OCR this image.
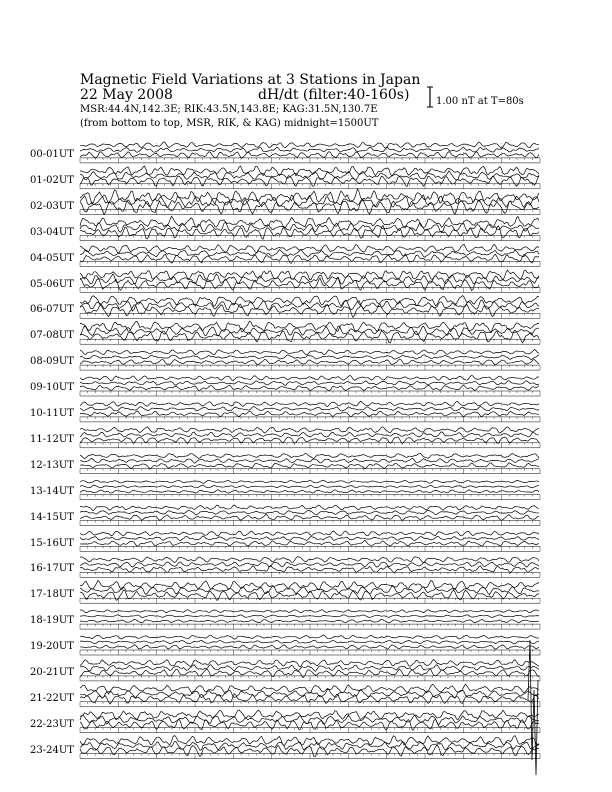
Magnetic Field Variations at 3 Stations in Japan
22 May 2008	dH/dt (filter:40-160s)
MSR:44.4N,142.3E; RIK:43.5N,143.8E; KAG:31.5N,130.7E
(from bottom to top, MSR, RIK, & KAG) midnight=1500UT
1.00 nT at T=80s
00-01UT
01-02UT
02-03UT
03-04UT
04-05UT
05-06UT
06-07UT
07-08UT
08-09UT
09-10UT
10-11UT
11-12UT
12-13UT
13-14UT
14-15UT
15-16UT
16-17UT
17-18UT
18-19UT
19-20UT
20-21UT
21-22UT
22-23UT
23-24UT
